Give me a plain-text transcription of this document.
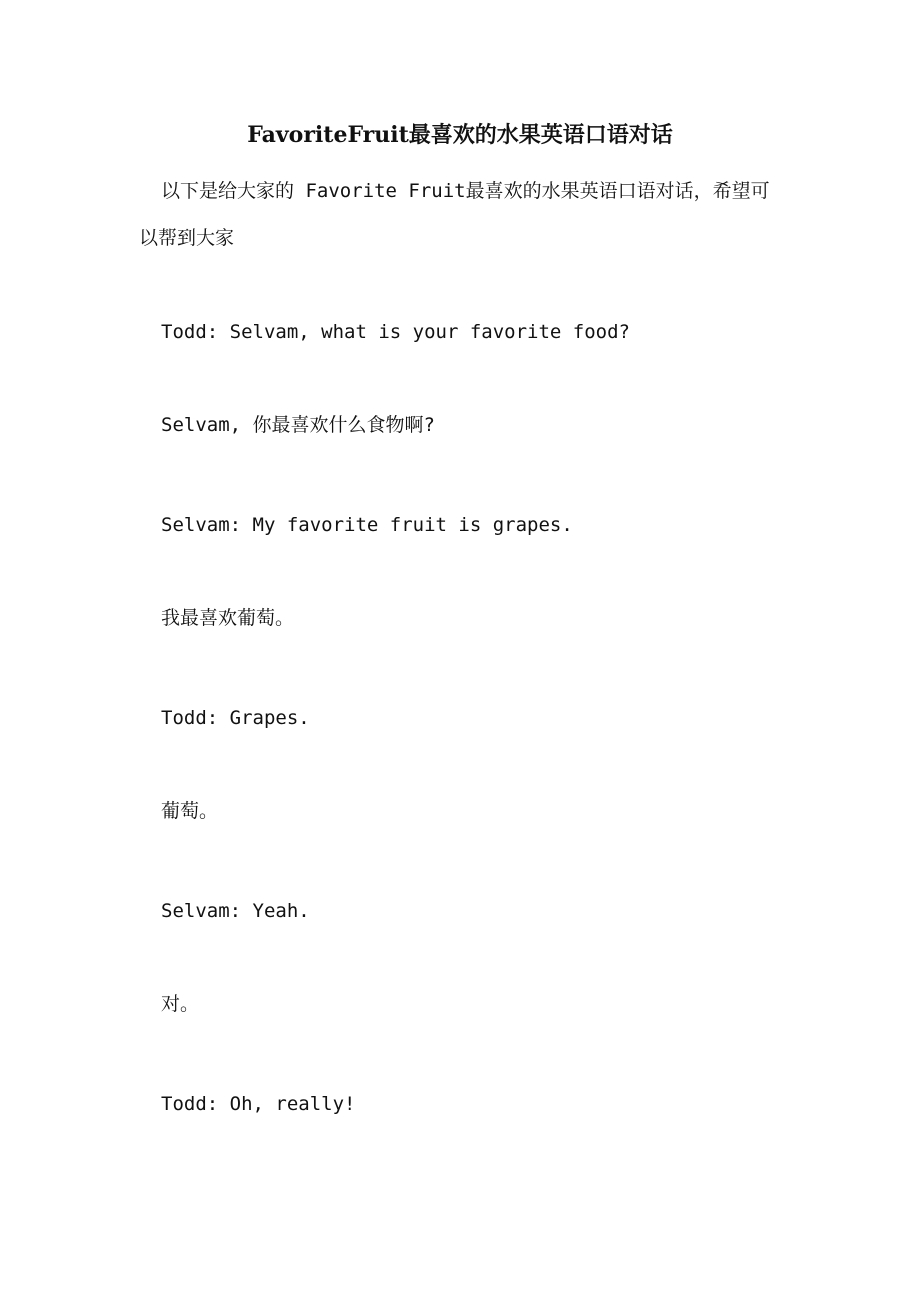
FavoriteFruit最喜欢的水果英语口语对话

以下是给大家的 Favorite Fruit最喜欢的水果英语口语对话，希望可以帮到大家

Todd: Selvam, what is your favorite food?
Selvam, 你最喜欢什么食物啊?
Selvam: My favorite fruit is grapes.
我最喜欢葡萄。
Todd: Grapes.
葡萄。
Selvam: Yeah.
对。
Todd: Oh, really!
